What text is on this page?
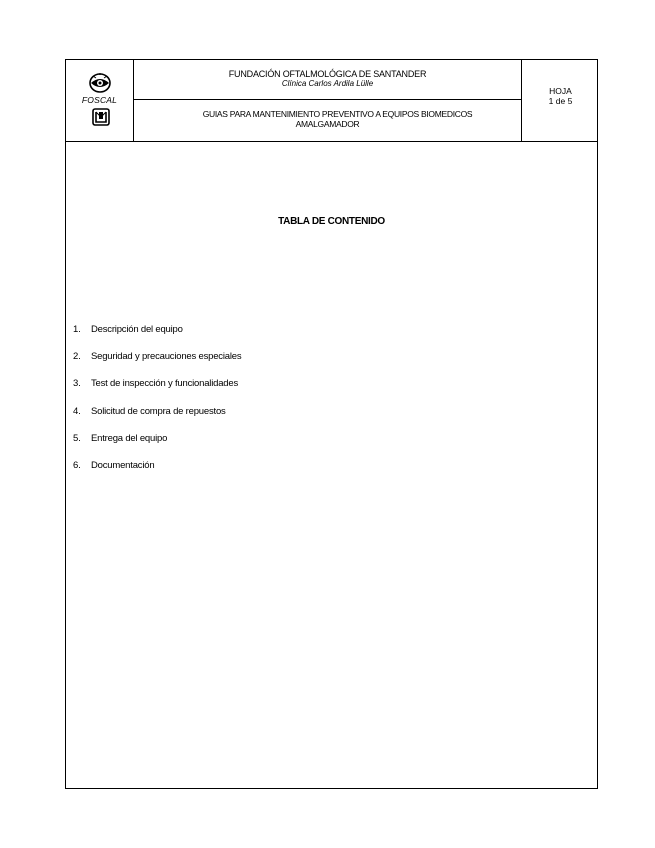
FOSCAL
FUNDACIÓN OFTALMOLÓGICA DE SANTANDER
Clínica Carlos Ardila Lülle
GUIAS PARA MANTENIMIENTO PREVENTIVO A EQUIPOS BIOMEDICOS
AMALGAMADOR
HOJA
1 de 5
TABLA DE CONTENIDO
1. Descripción del equipo
2. Seguridad y precauciones especiales
3. Test de inspección y funcionalidades
4. Solicitud de compra de repuestos
5. Entrega del equipo
6. Documentación
